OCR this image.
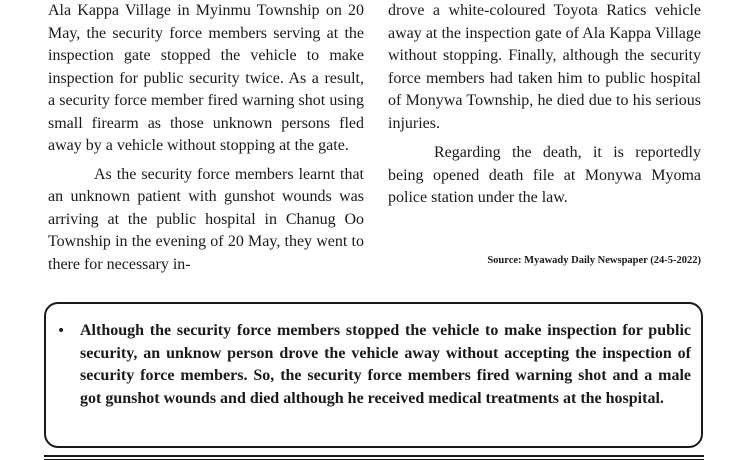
Ala Kappa Village in Myinmu Township on 20 May, the security force members serving at the inspection gate stopped the vehicle to make inspection for public security twice. As a result, a security force member fired warning shot using small firearm as those unknown persons fled away by a vehicle without stopping at the gate.

As the security force members learnt that an unknown patient with gunshot wounds was arriving at the public hospital in Chanug Oo Township in the evening of 20 May, they went to there for necessary in-

drove a white-coloured Toyota Ratics vehicle away at the inspection gate of Ala Kappa Village without stopping. Finally, although the security force members had taken him to public hospital of Monywa Township, he died due to his serious injuries.

Regarding the death, it is reportedly being opened death file at Monywa Myoma police station under the law.

Source: Myawady Daily Newspaper (24-5-2022)
• Although the security force members stopped the vehicle to make inspection for public security, an unknow person drove the vehicle away without accepting the inspection of security force members. So, the security force members fired warning shot and a male got gunshot wounds and died although he received medical treatments at the hospital.
